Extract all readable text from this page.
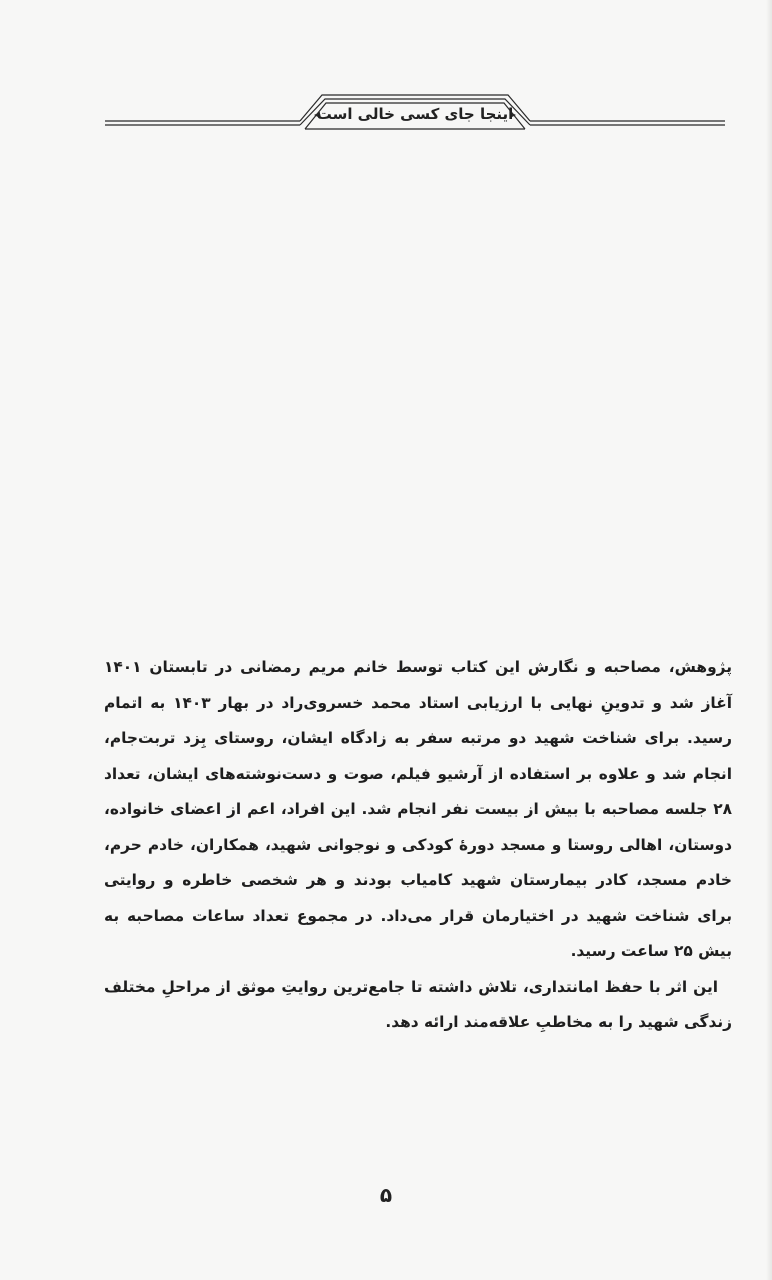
اینجا جای کسی خالی است

پژوهش، مصاحبه و نگارش این کتاب توسط خانم مریم رمضانی در تابستان ۱۴۰۱ آغاز شد و تدوینِ نهایی با ارزیابی استاد محمد خسروی‌راد در بهار ۱۴۰۳ به اتمام رسید. برای شناخت شهید دو مرتبه سفر به زادگاه ایشان، روستای بِزد تربت‌جام، انجام شد و علاوه بر استفاده از آرشیو فیلم، صوت و دست‌نوشته‌های ایشان، تعداد ۲۸ جلسه مصاحبه با بیش از بیست نفر انجام شد. این افراد، اعم از اعضای خانواده، دوستان، اهالی روستا و مسجد دورهٔ کودکی و نوجوانی شهید، همکاران، خادم حرم، خادم مسجد، کادر بیمارستان شهید کامیاب بودند و هر شخصی خاطره و روایتی برای شناخت شهید در اختیارمان قرار می‌داد. در مجموع تعداد ساعات مصاحبه به بیش ۲۵ ساعت رسید.

این اثر با حفظ امانتداری، تلاش داشته تا جامع‌ترین روایتِ موثق از مراحلِ مختلف زندگی شهید را به مخاطبِ علاقه‌مند ارائه دهد.

۵
